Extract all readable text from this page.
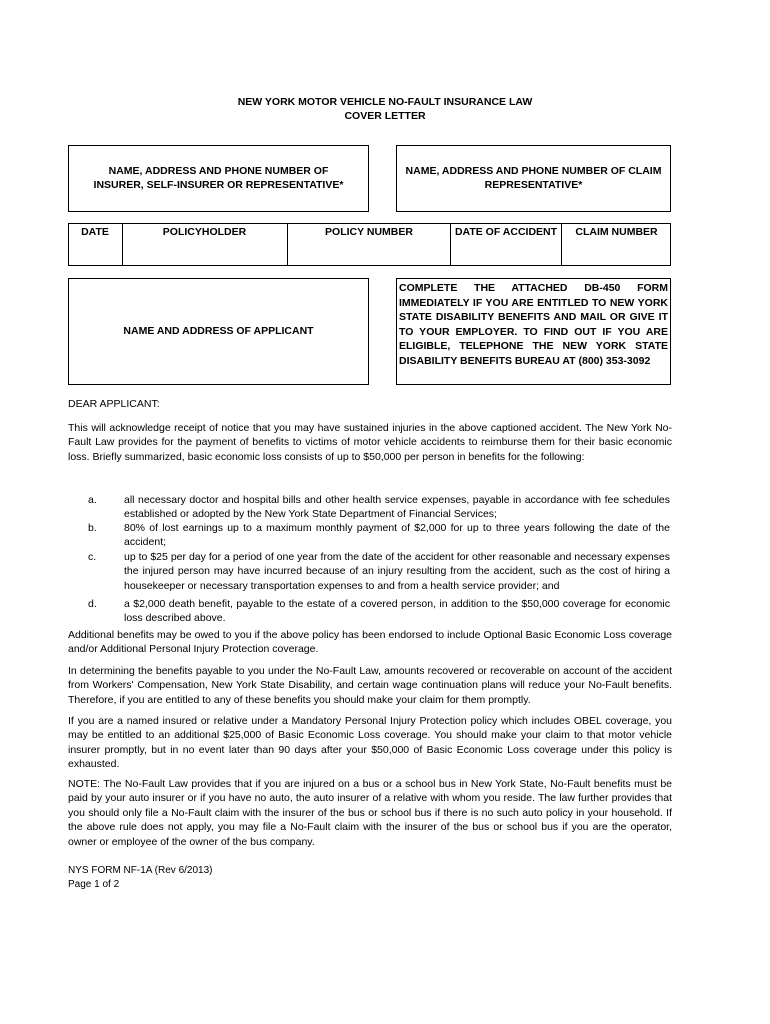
NEW YORK MOTOR VEHICLE NO-FAULT INSURANCE LAW
COVER LETTER
NAME, ADDRESS AND PHONE NUMBER OF
INSURER, SELF-INSURER OR REPRESENTATIVE*
NAME, ADDRESS AND PHONE NUMBER OF CLAIM
REPRESENTATIVE*
DATE	POLICYHOLDER	POLICY NUMBER	DATE OF ACCIDENT	CLAIM NUMBER
NAME AND ADDRESS OF APPLICANT
COMPLETE THE ATTACHED DB-450 FORM IMMEDIATELY IF YOU ARE ENTITLED TO NEW YORK STATE DISABILITY BENEFITS AND MAIL OR GIVE IT TO YOUR EMPLOYER. TO FIND OUT IF YOU ARE ELIGIBLE, TELEPHONE THE NEW YORK STATE DISABILITY BENEFITS BUREAU AT (800) 353-3092
DEAR APPLICANT:
This will acknowledge receipt of notice that you may have sustained injuries in the above captioned accident. The New York No-Fault Law provides for the payment of benefits to victims of motor vehicle accidents to reimburse them for their basic economic loss. Briefly summarized, basic economic loss consists of up to $50,000 per person in benefits for the following:
a.	all necessary doctor and hospital bills and other health service expenses, payable in accordance with fee schedules established or adopted by the New York State Department of Financial Services;
b.	80% of lost earnings up to a maximum monthly payment of $2,000 for up to three years following the date of the accident;
c.	up to $25 per day for a period of one year from the date of the accident for other reasonable and necessary expenses the injured person may have incurred because of an injury resulting from the accident, such as the cost of hiring a housekeeper or necessary transportation expenses to and from a health service provider; and
d.	a $2,000 death benefit, payable to the estate of a covered person, in addition to the $50,000 coverage for economic loss described above.
Additional benefits may be owed to you if the above policy has been endorsed to include Optional Basic Economic Loss coverage and/or Additional Personal Injury Protection coverage.
In determining the benefits payable to you under the No-Fault Law, amounts recovered or recoverable on account of the accident from Workers' Compensation, New York State Disability, and certain wage continuation plans will reduce your No-Fault benefits. Therefore, if you are entitled to any of these benefits you should make your claim for them promptly.
If you are a named insured or relative under a Mandatory Personal Injury Protection policy which includes OBEL coverage, you may be entitled to an additional $25,000 of Basic Economic Loss coverage. You should make your claim to that motor vehicle insurer promptly, but in no event later than 90 days after your $50,000 of Basic Economic Loss coverage under this policy is exhausted.
NOTE: The No-Fault Law provides that if you are injured on a bus or a school bus in New York State, No-Fault benefits must be paid by your auto insurer or if you have no auto, the auto insurer of a relative with whom you reside. The law further provides that you should only file a No-Fault claim with the insurer of the bus or school bus if there is no such auto policy in your household. If the above rule does not apply, you may file a No-Fault claim with the insurer of the bus or school bus if you are the operator, owner or employee of the owner of the bus company.
NYS FORM NF-1A (Rev 6/2013)
Page 1 of 2
